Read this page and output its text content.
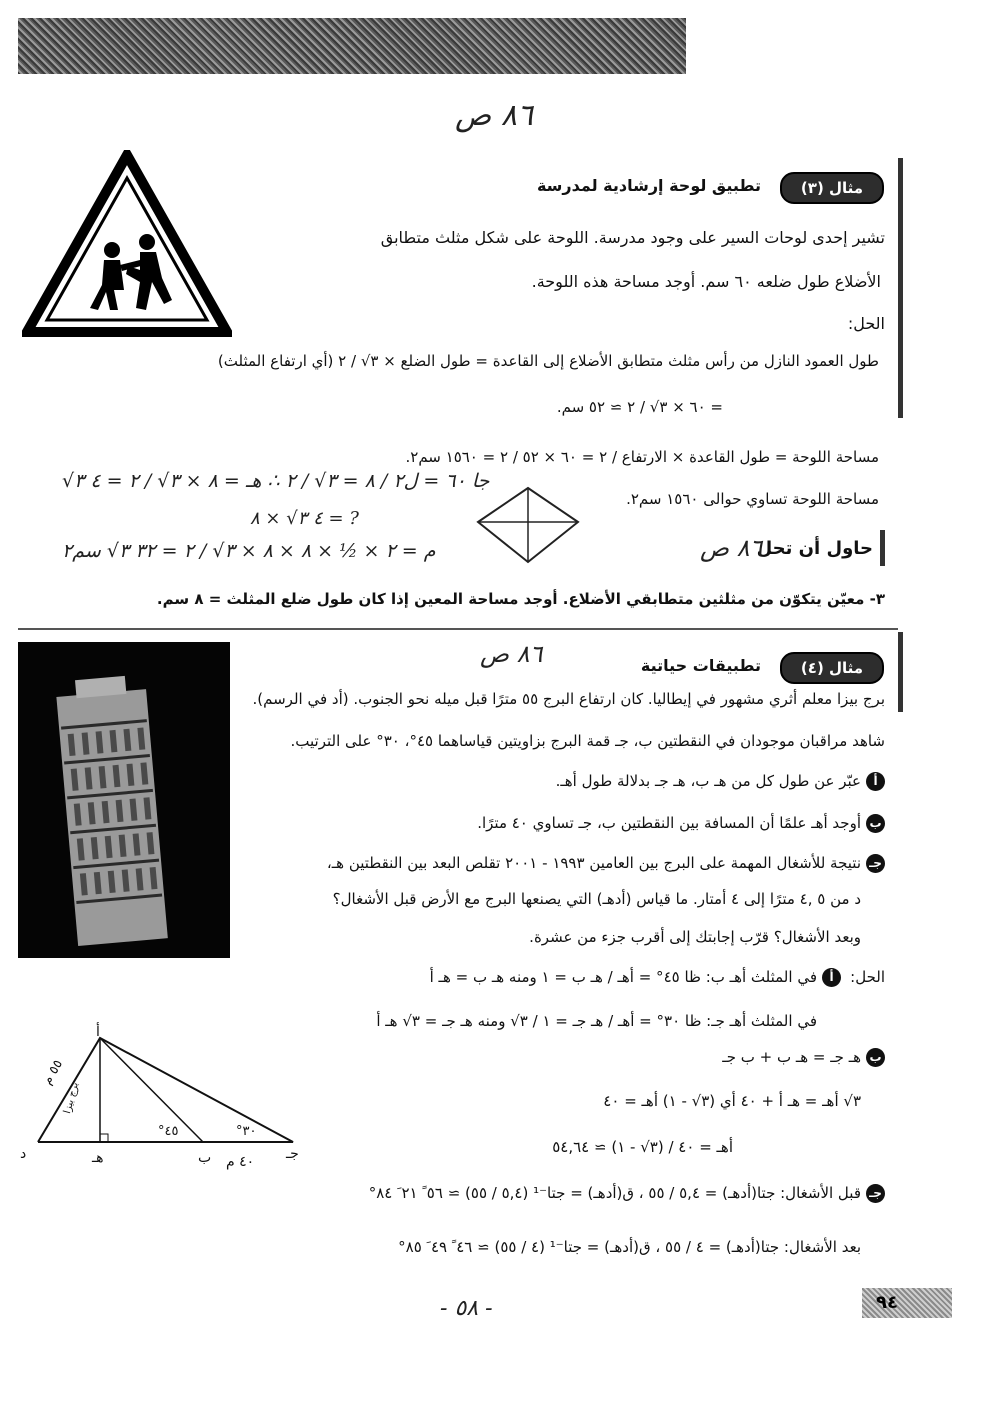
٨٦ ص
مثال (٣)
تطبيق لوحة إرشادية لمدرسة
تشير إحدى لوحات السير على وجود مدرسة. اللوحة على شكل مثلث متطابق
الأضلاع طول ضلعه ٦٠ سم. أوجد مساحة هذه اللوحة.
الحل:
طول العمود النازل من رأس مثلث متطابق الأضلاع إلى القاعدة = طول الضلع × ٣√ / ٢ (أي ارتفاع المثلث)
= ٦٠ × ٣√ / ٢ ≃ ٥٢ سم.
مساحة اللوحة = طول القاعدة × الارتفاع / ٢ = ٦٠ × ٥٢ / ٢ = ١٥٦٠ سم٢.
مساحة اللوحة تساوي حوالى ١٥٦٠ سم٢.
جا ٦٠ = ل٢ / ٨ = ٣√ / ٢ ∴ هـ = ٨ × ٣√ / ٢ = ٤ ٣√
? = ٤ ٣√ × ٨
م = ٢ × ½ × ٨ × ٨ × ٣√ / ٢ = ٣٢ ٣√ سم٢	حاول أن تحل
٨٦ ص
٣- معيّن يتكوّن من مثلثين متطابقي الأضلاع. أوجد مساحة المعين إذا كان طول ضلع المثلث = ٨ سم.
مثال (٤)
تطبيقات حياتية
٨٦ ص
برج بيزا معلم أثري مشهور في إيطاليا. كان ارتفاع البرج ٥٥ مترًا قبل ميله نحو الجنوب. (أد في الرسم).
شاهد مراقبان موجودان في النقطتين ب، جـ قمة البرج بزاويتين قياساهما ٤٥°، ٣٠° على الترتيب.
أ
عبّر عن طول كل من هـ ب، هـ جـ بدلالة طول أهـ.
ب
أوجد أهـ علمًا أن المسافة بين النقطتين ب، جـ تساوي ٤٠ مترًا.
جـ
نتيجة للأشغال المهمة على البرج بين العامين ١٩٩٣ - ٢٠٠١ تقلص البعد بين النقطتين هـ،
د من ٥ ,٤ مترًا إلى ٤ أمتار. ما قياس (أدهـ) التي يصنعها البرج مع الأرض قبل الأشغال؟
وبعد الأشغال؟ قرّب إجابتك إلى أقرب جزء من عشرة.
الحل:
أ
في المثلث أهـ ب: ظا ٤٥° = أهـ / هـ ب = ١ ومنه هـ ب = هـ أ
في المثلث أهـ جـ: ظا ٣٠° = أهـ / هـ جـ = ١ / ٣√ ومنه هـ جـ = ٣√ هـ أ
ب
هـ جـ = هـ ب + ب جـ
٣√ أهـ = هـ أ + ٤٠ أي (٣√ - ١) أهـ = ٤٠
أهـ = ٤٠ / (٣√ - ١) ≃ ٥٤,٦٤
جـ
قبل الأشغال: جتا(أدهـ) = ٥,٤ / ٥٥ ، ق(أدهـ) = جتا⁻¹ (٥,٤ / ٥٥) ≃ ٥٦ ً ٢١ َ ٨٤°
بعد الأشغال: جتا(أدهـ) = ٤ / ٥٥ ، ق(أدهـ) = جتا⁻¹ (٤ / ٥٥) ≃ ٤٦ ً ٤٩ َ ٨٥°
أ
د	هـ	ب	جـ
٥٥ م
برج بيزا
٤٥°	٣٠°
٤٠ م
- ٥٨ -	٩٤
